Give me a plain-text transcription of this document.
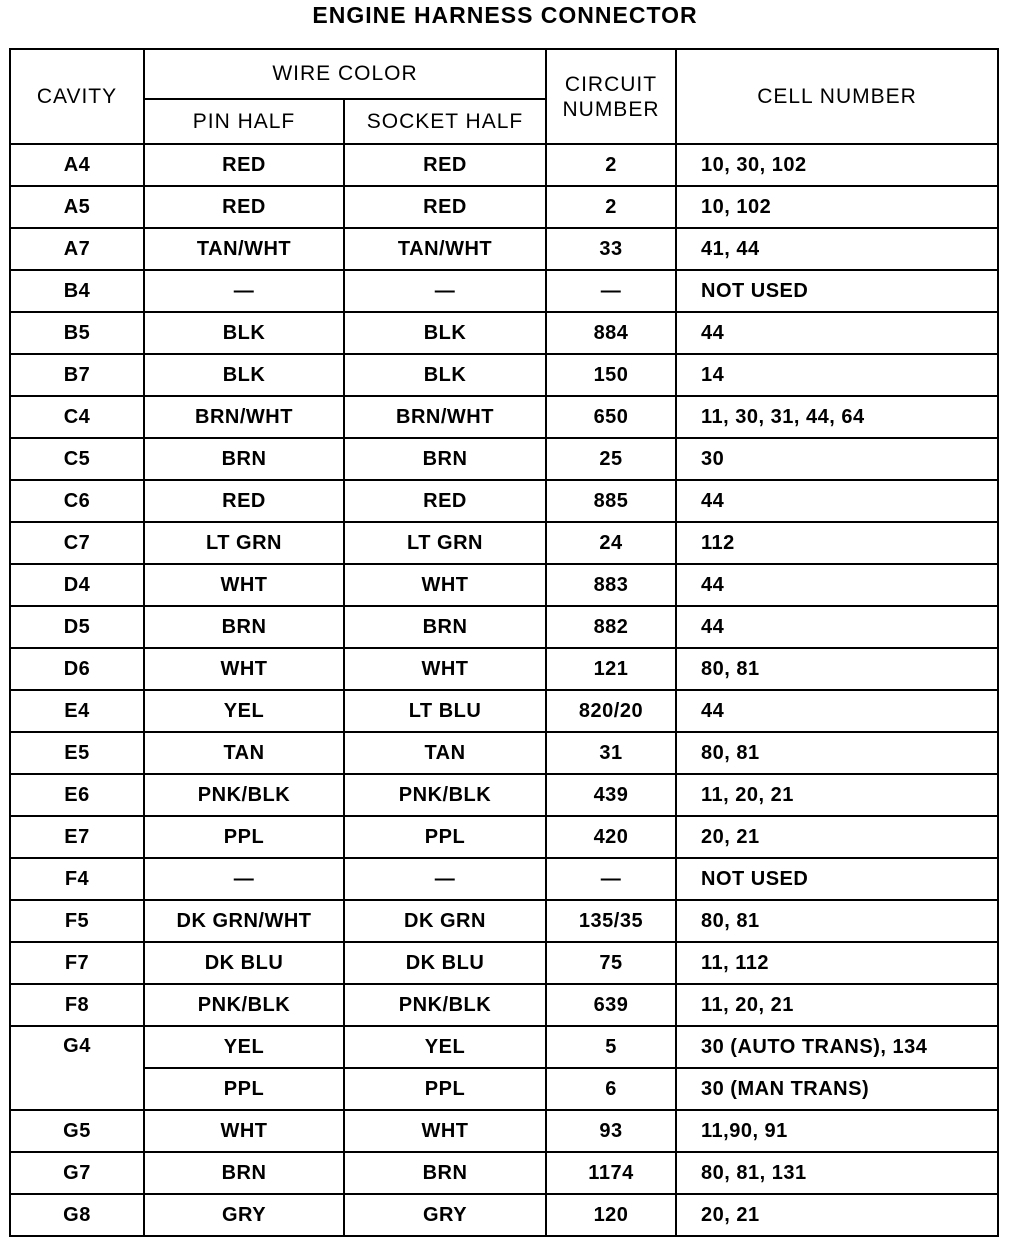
ENGINE HARNESS CONNECTOR
CAVITY	WIRE COLOR		CIRCUIT NUMBER	CELL NUMBER
	PIN HALF	SOCKET HALF		
A4	RED	RED	2	10, 30, 102
A5	RED	RED	2	10, 102
A7	TAN/WHT	TAN/WHT	33	41, 44
B4	—	—	—	NOT USED
B5	BLK	BLK	884	44
B7	BLK	BLK	150	14
C4	BRN/WHT	BRN/WHT	650	11, 30, 31, 44, 64
C5	BRN	BRN	25	30
C6	RED	RED	885	44
C7	LT GRN	LT GRN	24	112
D4	WHT	WHT	883	44
D5	BRN	BRN	882	44
D6	WHT	WHT	121	80, 81
E4	YEL	LT BLU	820/20	44
E5	TAN	TAN	31	80, 81
E6	PNK/BLK	PNK/BLK	439	11, 20, 21
E7	PPL	PPL	420	20, 21
F4	—	—	—	NOT USED
F5	DK GRN/WHT	DK GRN	135/35	80, 81
F7	DK BLU	DK BLU	75	11, 112
F8	PNK/BLK	PNK/BLK	639	11, 20, 21
G4	YEL	YEL	5	30 (AUTO TRANS), 134
	PPL	PPL	6	30 (MAN TRANS)
G5	WHT	WHT	93	11,90, 91
G7	BRN	BRN	1174	80, 81, 131
G8	GRY	GRY	120	20, 21
